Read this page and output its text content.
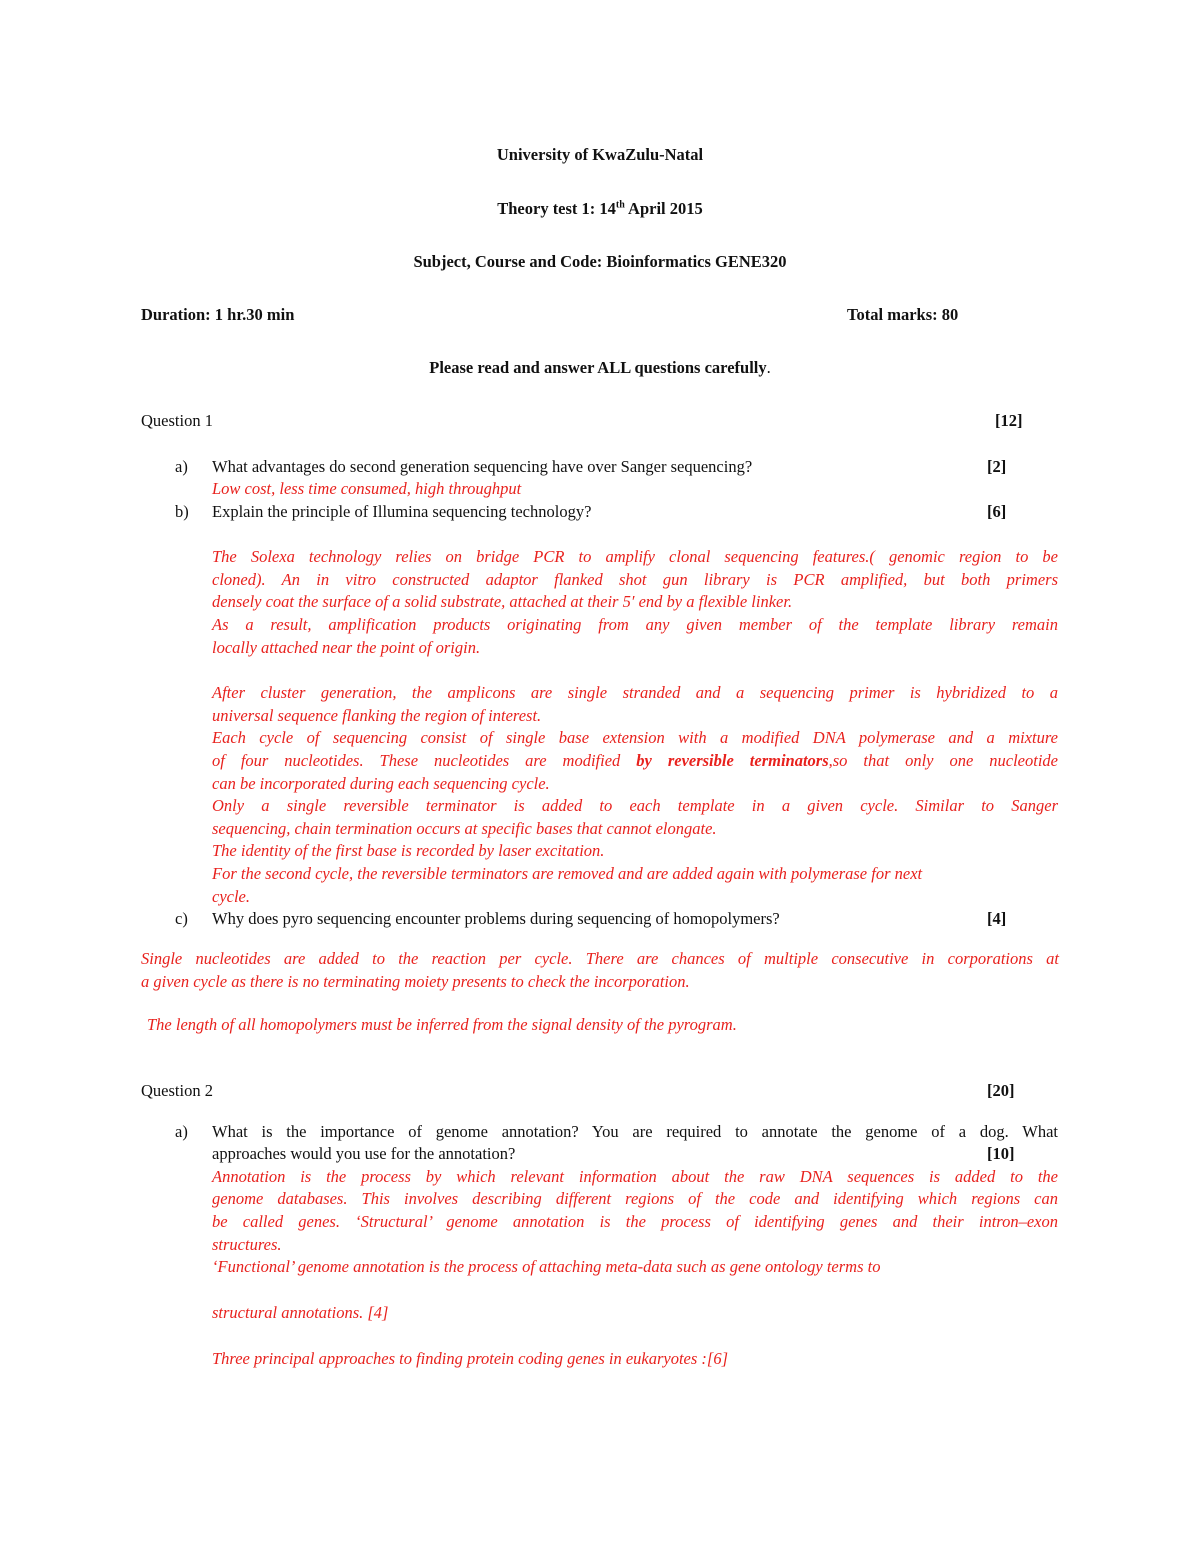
University of KwaZulu-Natal
Theory test 1: 14th April 2015
Subject, Course and Code: Bioinformatics GENE320
Duration: 1 hr.30 min	Total marks: 80
Please read and answer ALL questions carefully.
Question 1	[12]
a) What advantages do second generation sequencing have over Sanger sequencing?	[2]
Low cost, less time consumed, high throughput
b) Explain the principle of Illumina sequencing technology?	[6]
The Solexa technology relies on bridge PCR to amplify clonal sequencing features.( genomic region to be
cloned). An in vitro constructed adaptor flanked shot gun library is PCR amplified, but both primers
densely coat the surface of a solid substrate, attached at their 5′ end by a flexible linker.
As a result, amplification products originating from any given member of the template library remain
locally attached near the point of origin.
After cluster generation, the amplicons are single stranded and a sequencing primer is hybridized to a
universal sequence flanking the region of interest.
Each cycle of sequencing consist of single base extension with a modified DNA polymerase and a mixture
of four nucleotides. These nucleotides are modified by reversible terminators,so that only one nucleotide
can be incorporated during each sequencing cycle.
Only a single reversible terminator is added to each template in a given cycle. Similar to Sanger
sequencing, chain termination occurs at specific bases that cannot elongate.
The identity of the first base is recorded by laser excitation.
For the second cycle, the reversible terminators are removed and are added again with polymerase for next
cycle.
c) Why does pyro sequencing encounter problems during sequencing of homopolymers?	[4]
Single nucleotides are added to the reaction per cycle. There are chances of multiple consecutive in corporations at
a given cycle as there is no terminating moiety presents to check the incorporation.
The length of all homopolymers must be inferred from the signal density of the pyrogram.
Question 2	[20]
a) What is the importance of genome annotation? You are required to annotate the genome of a dog. What
approaches would you use for the annotation?	[10]
Annotation is the process by which relevant information about the raw DNA sequences is added to the
genome databases. This involves describing different regions of the code and identifying which regions can
be called genes. ‘Structural’ genome annotation is the process of identifying genes and their intron–exon
structures.
‘Functional’ genome annotation is the process of attaching meta-data such as gene ontology terms to
structural annotations. [4]
Three principal approaches to finding protein coding genes in eukaryotes :[6]
